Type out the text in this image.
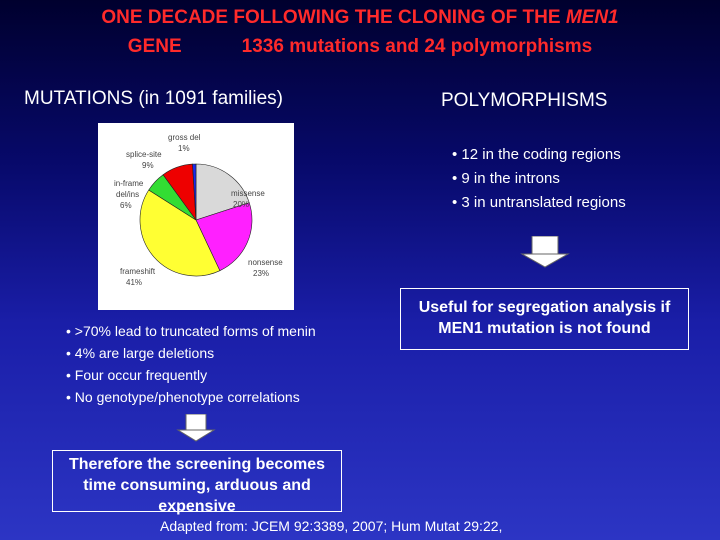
ONE DECADE FOLLOWING THE CLONING OF THE MEN1
GENE	1336 mutations and 24 polymorphisms
MUTATIONS (in 1091 families)	POLYMORPHISMS
missense
20%
nonsense
23%
frameshift
41%
in-frame
del/ins
6%
splice-site
9%
gross del
1%	• 12 in the coding regions
• 9 in the introns
• 3 in untranslated regions
Useful for segregation analysis if MEN1 mutation is not found
• >70% lead to truncated forms of menin
• 4% are large deletions
• Four occur frequently
• No genotype/phenotype correlations
Therefore the screening becomes time consuming, arduous and expensive
Adapted from: JCEM 92:3389, 2007; Hum Mutat 29:22,
